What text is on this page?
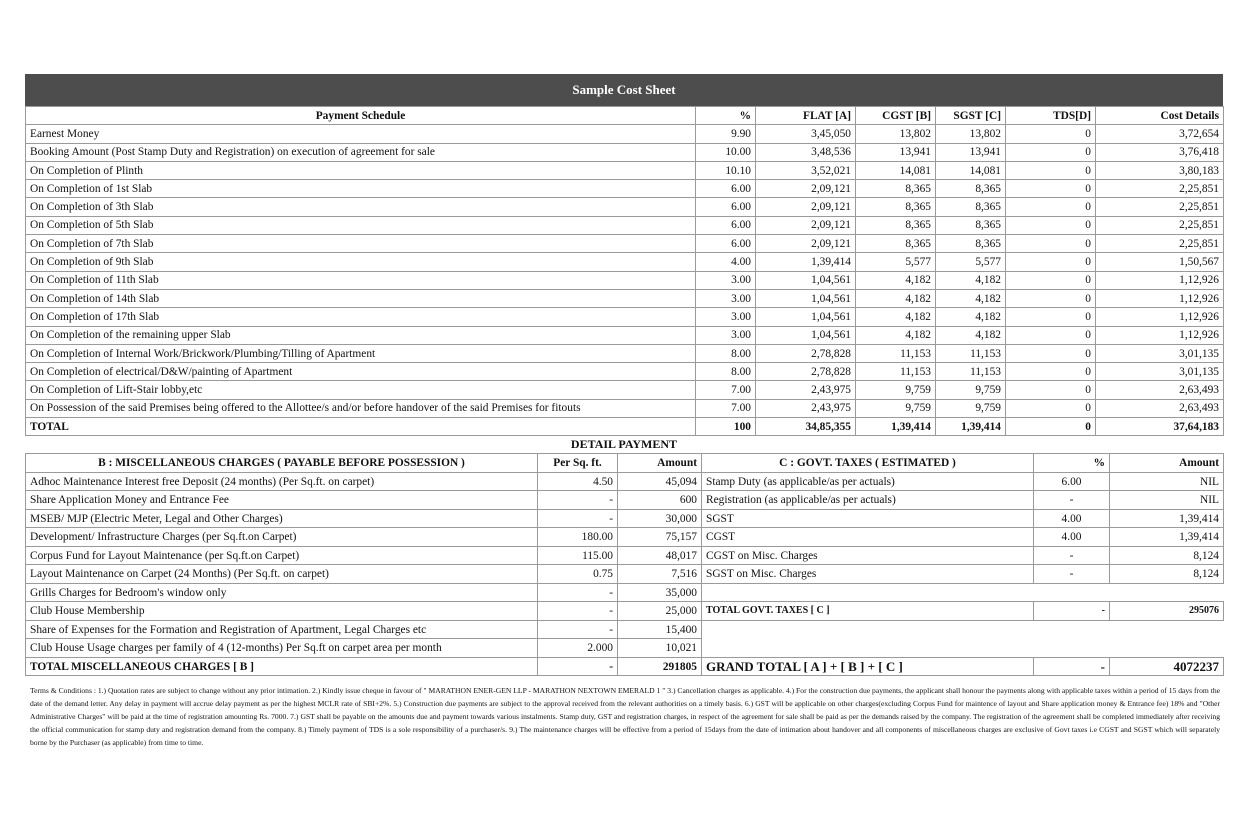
Sample Cost Sheet
Payment Schedule	%	FLAT [A]	CGST [B]	SGST [C]	TDS[D]	Cost Details
Earnest Money	9.90	3,45,050	13,802	13,802	0	3,72,654
Booking Amount (Post Stamp Duty and Registration) on execution of agreement for sale	10.00	3,48,536	13,941	13,941	0	3,76,418
On Completion of Plinth	10.10	3,52,021	14,081	14,081	0	3,80,183
On Completion of 1st Slab	6.00	2,09,121	8,365	8,365	0	2,25,851
On Completion of 3th Slab	6.00	2,09,121	8,365	8,365	0	2,25,851
On Completion of 5th Slab	6.00	2,09,121	8,365	8,365	0	2,25,851
On Completion of 7th Slab	6.00	2,09,121	8,365	8,365	0	2,25,851
On Completion of 9th Slab	4.00	1,39,414	5,577	5,577	0	1,50,567
On Completion of 11th Slab	3.00	1,04,561	4,182	4,182	0	1,12,926
On Completion of 14th Slab	3.00	1,04,561	4,182	4,182	0	1,12,926
On Completion of 17th Slab	3.00	1,04,561	4,182	4,182	0	1,12,926
On Completion of the remaining upper Slab	3.00	1,04,561	4,182	4,182	0	1,12,926
On Completion of Internal Work/Brickwork/Plumbing/Tilling of Apartment	8.00	2,78,828	11,153	11,153	0	3,01,135
On Completion of electrical/D&W/painting of Apartment	8.00	2,78,828	11,153	11,153	0	3,01,135
On Completion of Lift-Stair lobby,etc	7.00	2,43,975	9,759	9,759	0	2,63,493
On Possession of the said Premises being offered to the Allottee/s and/or before handover of the said Premises for fitouts	7.00	2,43,975	9,759	9,759	0	2,63,493
TOTAL	100	34,85,355	1,39,414	1,39,414	0	37,64,183
DETAIL PAYMENT
B : MISCELLANEOUS CHARGES ( PAYABLE BEFORE POSSESSION )	Per Sq. ft.	Amount	C : GOVT. TAXES ( ESTIMATED )	%	Amount
Adhoc Maintenance Interest free Deposit (24 months) (Per Sq.ft. on carpet)	4.50	45,094	Stamp Duty (as applicable/as per actuals)	6.00	NIL
Share Application Money and Entrance Fee	-	600	Registration (as applicable/as per actuals)	-	NIL
MSEB/ MJP (Electric Meter, Legal and Other Charges)	-	30,000	SGST	4.00	1,39,414
Development/ Infrastructure Charges (per Sq.ft.on Carpet)	180.00	75,157	CGST	4.00	1,39,414
Corpus Fund for Layout Maintenance (per Sq.ft.on Carpet)	115.00	48,017	CGST on Misc. Charges	-	8,124
Layout Maintenance on Carpet (24 Months) (Per Sq.ft. on carpet)	0.75	7,516	SGST on Misc. Charges	-	8,124
Grills Charges for Bedroom's window only	-	35,000			
Club House Membership	-	25,000	TOTAL GOVT. TAXES [ C ]	-	295076
Share of Expenses for the Formation and Registration of Apartment, Legal Charges etc	-	15,400			
Club House Usage charges per family of 4 (12-months) Per Sq.ft on carpet area per month	2.000	10,021			
TOTAL MISCELLANEOUS CHARGES [ B ]	-	291805	GRAND TOTAL [ A ] + [ B ] + [ C ]	-	4072237
Terms & Conditions : 1.) Quotation rates are subject to change without any prior intimation. 2.) Kindly issue cheque in favour of " MARATHON ENER-GEN LLP - MARATHON NEXTOWN EMERALD 1 " 3.) Cancellation charges as applicable. 4.) For the construction due payments, the applicant shall honour the payments along with applicable taxes within a period of 15 days from the date of the demand letter. Any delay in payment will accrue delay payment as per the highest MCLR rate of SBI+2%. 5.) Construction due payments are subject to the approval received from the relevant authorities on a timely basis. 6.) GST will be applicable on other charges(excluding Corpus Fund for maintence of layout and Share application money & Entrance fee) 18% and "Other Administrative Charges" will be paid at the time of registration amounting Rs. 7000. 7.) GST shall be payable on the amounts due and payment towards various instalments. Stamp duty, GST and registration charges, in respect of the agreement for sale shall be paid as per the demands raised by the company. The registration of the agreement shall be completed immediately after receiving the official communication for stamp duty and registration demand from the company. 8.) Timely payment of TDS is a sole responsibility of a purchaser/s. 9.) The maintenance charges will be effective from a period of 15days from the date of intimation about handover and all components of miscellaneous charges are exclusive of Govt taxes i.e CGST and SGST which will separately borne by the Purchaser (as applicable) from time to time.
